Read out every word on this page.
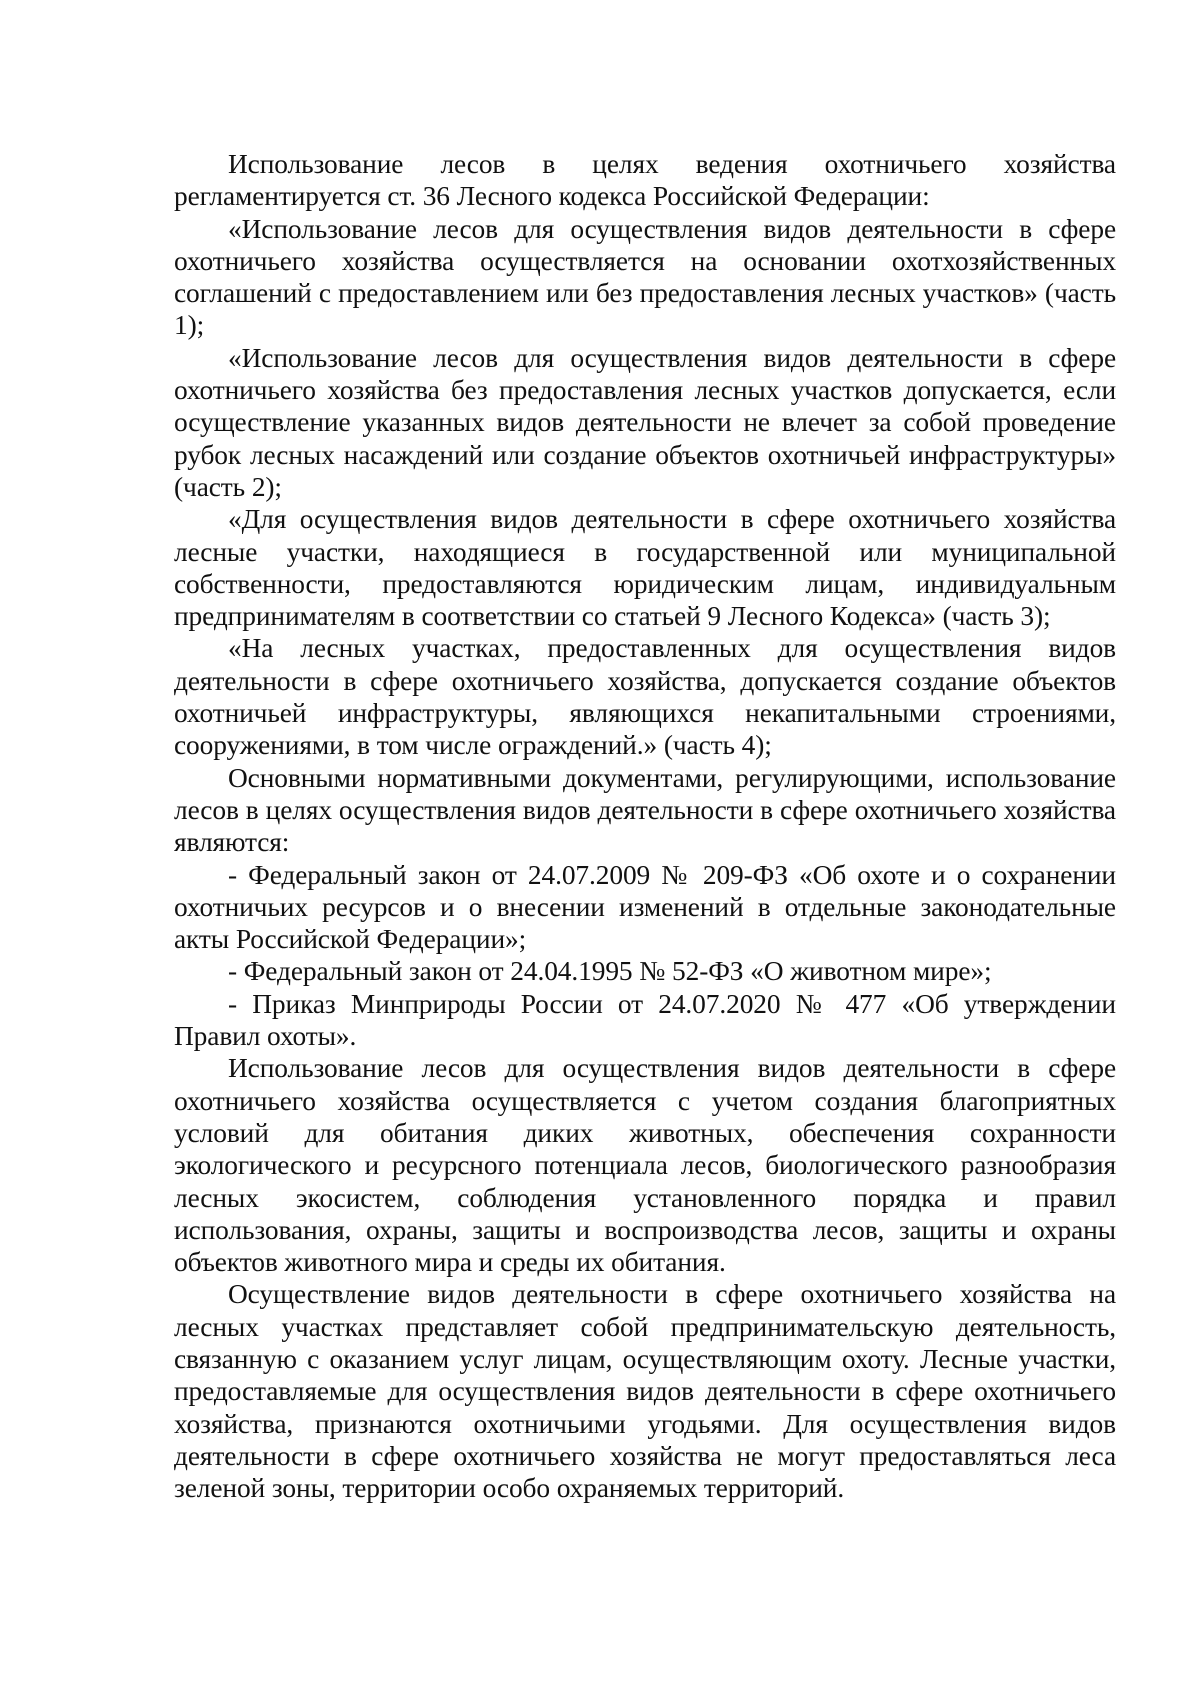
Использование лесов в целях ведения охотничьего хозяйства регламентируется ст. 36 Лесного кодекса Российской Федерации:

«Использование лесов для осуществления видов деятельности в сфере охотничьего хозяйства осуществляется на основании охотхозяйственных соглашений с предоставлением или без предоставления лесных участков» (часть 1);

«Использование лесов для осуществления видов деятельности в сфере охотничьего хозяйства без предоставления лесных участков допускается, если осуществление указанных видов деятельности не влечет за собой проведение рубок лесных насаждений или создание объектов охотничьей инфраструктуры» (часть 2);

«Для осуществления видов деятельности в сфере охотничьего хозяйства лесные участки, находящиеся в государственной или муниципальной собственности, предоставляются юридическим лицам, индивидуальным предпринимателям в соответствии со статьей 9 Лесного Кодекса» (часть 3);

«На лесных участках, предоставленных для осуществления видов деятельности в сфере охотничьего хозяйства, допускается создание объектов охотничьей инфраструктуры, являющихся некапитальными строениями, сооружениями, в том числе ограждений.» (часть 4);

Основными нормативными документами, регулирующими, использование лесов в целях осуществления видов деятельности в сфере охотничьего хозяйства являются:

- Федеральный закон от 24.07.2009 № 209-ФЗ «Об охоте и о сохранении охотничьих ресурсов и о внесении изменений в отдельные законодательные акты Российской Федерации»;

- Федеральный закон от 24.04.1995 № 52-ФЗ «О животном мире»;

- Приказ Минприроды России от 24.07.2020 № 477 «Об утверждении Правил охоты».

Использование лесов для осуществления видов деятельности в сфере охотничьего хозяйства осуществляется с учетом создания благоприятных условий для обитания диких животных, обеспечения сохранности экологического и ресурсного потенциала лесов, биологического разнообразия лесных экосистем, соблюдения установленного порядка и правил использования, охраны, защиты и воспроизводства лесов, защиты и охраны объектов животного мира и среды их обитания.

Осуществление видов деятельности в сфере охотничьего хозяйства на лесных участках представляет собой предпринимательскую деятельность, связанную с оказанием услуг лицам, осуществляющим охоту. Лесные участки, предоставляемые для осуществления видов деятельности в сфере охотничьего хозяйства, признаются охотничьими угодьями. Для осуществления видов деятельности в сфере охотничьего хозяйства не могут предоставляться леса зеленой зоны, территории особо охраняемых территорий.
